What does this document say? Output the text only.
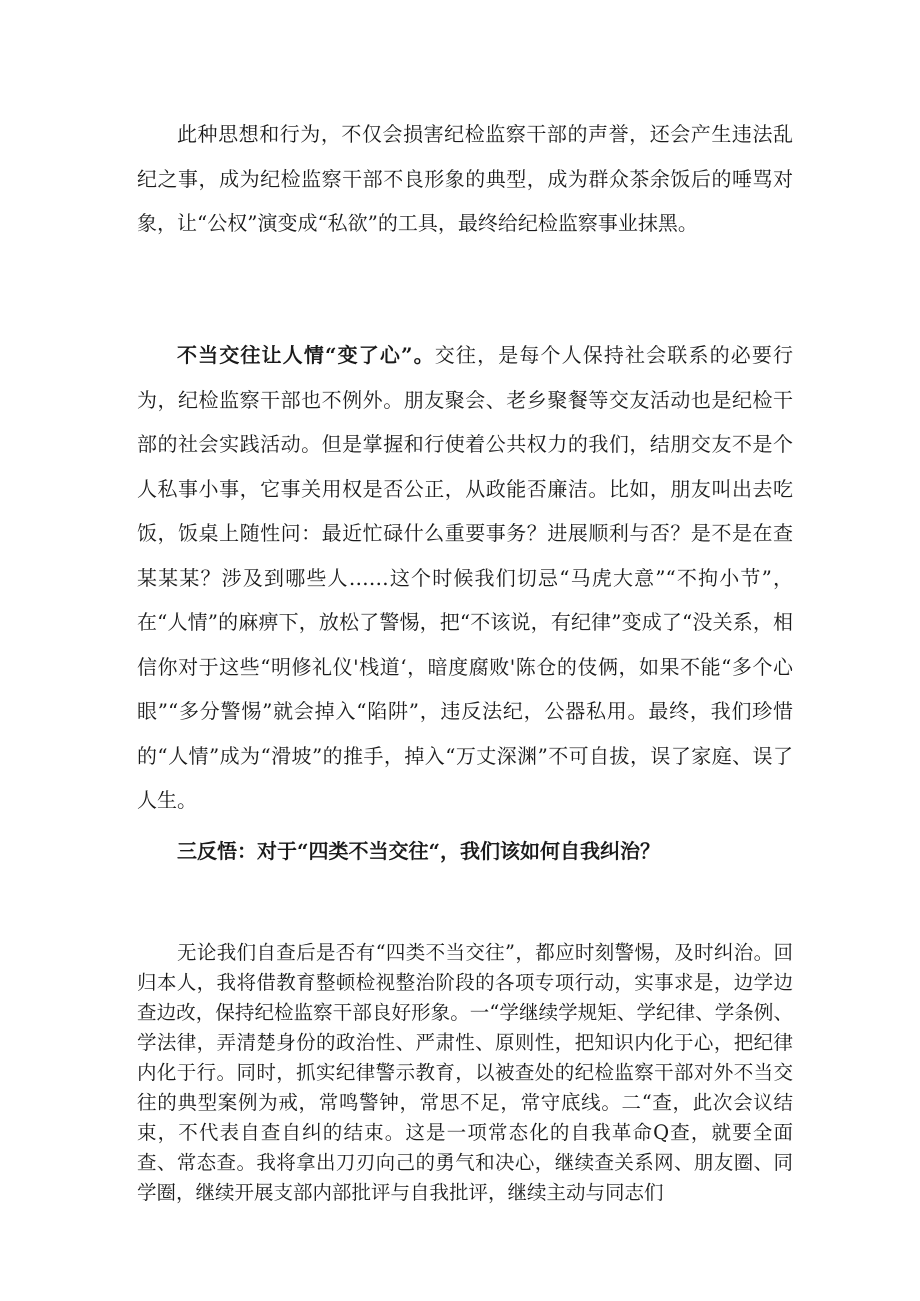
此种思想和行为，不仅会损害纪检监察干部的声誉，还会产生违法乱纪之事，成为纪检监察干部不良形象的典型，成为群众茶余饭后的唾骂对象，让“公权”演变成“私欲”的工具，最终给纪检监察事业抹黑。

不当交往让人情“变了心”。交往，是每个人保持社会联系的必要行为，纪检监察干部也不例外。朋友聚会、老乡聚餐等交友活动也是纪检干部的社会实践活动。但是掌握和行使着公共权力的我们，结朋交友不是个人私事小事，它事关用权是否公正，从政能否廉洁。比如，朋友叫出去吃饭，饭桌上随性问：最近忙碌什么重要事务？进展顺利与否？是不是在查某某某？涉及到哪些人……这个时候我们切忌“马虎大意”“不拘小节”，在“人情”的麻痹下，放松了警惕，把“不该说，有纪律”变成了“没关系，相信你对于这些“明修礼仪'栈道‘，暗度腐败'陈仓的伎俩，如果不能“多个心眼”“多分警惕”就会掉入“陷阱”，违反法纪，公器私用。最终，我们珍惜的“人情”成为“滑坡”的推手，掉入“万丈深渊”不可自拔，误了家庭、误了人生。

三反悟：对于“四类不当交往“，我们该如何自我纠治？

无论我们自查后是否有“四类不当交往”，都应时刻警惕，及时纠治。回归本人，我将借教育整顿检视整治阶段的各项专项行动，实事求是，边学边查边改，保持纪检监察干部良好形象。一“学继续学规矩、学纪律、学条例、学法律，弄清楚身份的政治性、严肃性、原则性，把知识内化于心，把纪律内化于行。同时，抓实纪律警示教育，以被查处的纪检监察干部对外不当交往的典型案例为戒，常鸣警钟，常思不足，常守底线。二“查，此次会议结束，不代表自查自纠的结束。这是一项常态化的自我革命Q查，就要全面查、常态查。我将拿出刀刃向己的勇气和决心，继续查关系网、朋友圈、同学圈，继续开展支部内部批评与自我批评，继续主动与同志们
